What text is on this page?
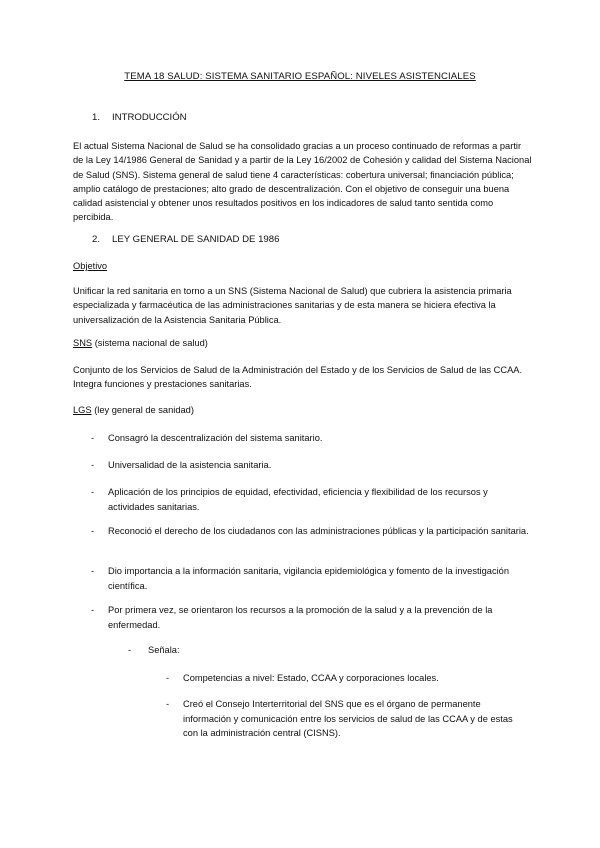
TEMA 18 SALUD: SISTEMA SANITARIO ESPAÑOL: NIVELES ASISTENCIALES
1. INTRODUCCIÓN
El actual Sistema Nacional de Salud se ha consolidado gracias a un proceso continuado de reformas a partir de la Ley 14/1986 General de Sanidad y a partir de la Ley 16/2002 de Cohesión y calidad del Sistema Nacional de Salud (SNS). Sistema general de salud tiene 4 características: cobertura universal; financiación pública; amplio catálogo de prestaciones; alto grado de descentralización. Con el objetivo de conseguir una buena calidad asistencial y obtener unos resultados positivos en los indicadores de salud tanto sentida como percibida.
2. LEY GENERAL DE SANIDAD DE 1986
Objetivo
Unificar la red sanitaria en torno a un SNS (Sistema Nacional de Salud) que cubriera la asistencia primaria especializada y farmacéutica de las administraciones sanitarias y de esta manera se hiciera efectiva la universalización de la Asistencia Sanitaria Pública.
SNS (sistema nacional de salud)
Conjunto de los Servicios de Salud de la Administración del Estado y de los Servicios de Salud de las CCAA. Integra funciones y prestaciones sanitarias.
LGS (ley general de sanidad)
- Consagró la descentralización del sistema sanitario.
- Universalidad de la asistencia sanitaria.
- Aplicación de los principios de equidad, efectividad, eficiencia y flexibilidad de los recursos y actividades sanitarias.
- Reconoció el derecho de los ciudadanos con las administraciones públicas y la participación sanitaria.
- Dio importancia a la información sanitaria, vigilancia epidemiológica y fomento de la investigación científica.
- Por primera vez, se orientaron los recursos a la promoción de la salud y a la prevención de la enfermedad.
- Señala:
- Competencias a nivel: Estado, CCAA y corporaciones locales.
- Creó el Consejo Interterritorial del SNS que es el órgano de permanente información y comunicación entre los servicios de salud de las CCAA y de estas con la administración central (CISNS).
